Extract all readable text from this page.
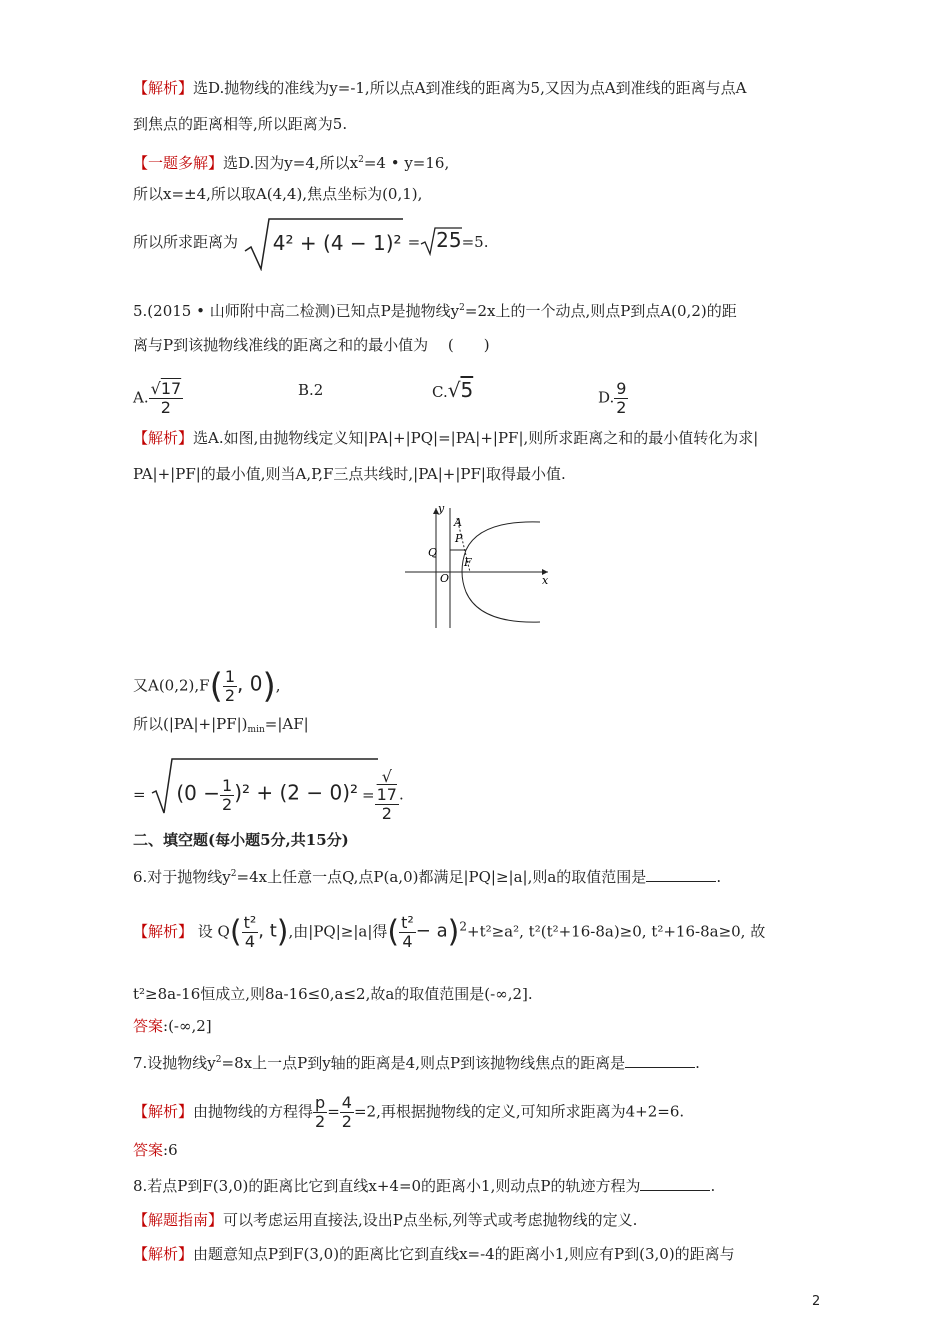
【解析】选D.抛物线的准线为y=-1,所以点A到准线的距离为5,又因为点A到准线的距离与点A
到焦点的距离相等,所以距离为5.
【一题多解】选D.因为y=4,所以$x^2=4$ • y=16,
所以x=±4,所以取A(4,4),焦点坐标为(0,1),
所以所求距离为 4² + (4 − 1)² = 25=5.
5.(2015 • 山师附中高二检测)已知点P是抛物线$y^2=2x$上的一个动点,则点P到点A(0,2)的距
离与P到该抛物线准线的距离之和的最小值为 　(　　)
A. $\frac{√17}{2}$	B.2	C.√5	D. $\frac{9}{2}$
【解析】选A.如图,由抛物线定义知|PA|+|PQ|=|PA|+|PF|,则所求距离之和的最小值转化为求|
PA|+|PF|的最小值,则当A,P,F三点共线时,|PA|+|PF|取得最小值.
y
x
A
P
Q
F
O
又$A(0,2),F( \frac{1}{2}$ , 0),
所以$(|PA|+|PF|)_{min}=|AF|$
= $(0 - \frac{1}{2} )^2 + (2 - 0)^2$ = √
17
2 .
二、填空题(每小题5分,共15分)
6.对于抛物线$y^2=4x$上任意一点Q,点P(a,0)都满足|PQ|≥|a|,则a的取值范围是	.
【解析】 设 $Q( \frac{\text{t²}}{4}$ , t),由|PQ|≥|a|得( $\frac{\text{t²}}{4} - a)^2+t^2\ge a^2$, t²(t²+16-8a)≥0, t²+16-8a≥0, 故
t²≥8a-16恒成立,则8a-16≤0,a≤2,故a的取值范围是(-∞,2].
答案:(-∞,2]
7.设抛物线$y^2=8x$上一点P到y轴的距离是4,则点P到该抛物线焦点的距离是	.
【解析】由抛物线的方程得 $\frac{p}{2} = \frac{4}{2} =2$,再根据抛物线的定义,可知所求距离为4+2=6.
答案:6
8.若点P到F(3,0)的距离比它到直线x+4=0的距离小1,则动点P的轨迹方程为	.
【解题指南】可以考虑运用直接法,设出P点坐标,列等式或考虑抛物线的定义.
【解析】由题意知点P到F(3,0)的距离比它到直线x=-4的距离小1,则应有P到(3,0)的距离与
2
